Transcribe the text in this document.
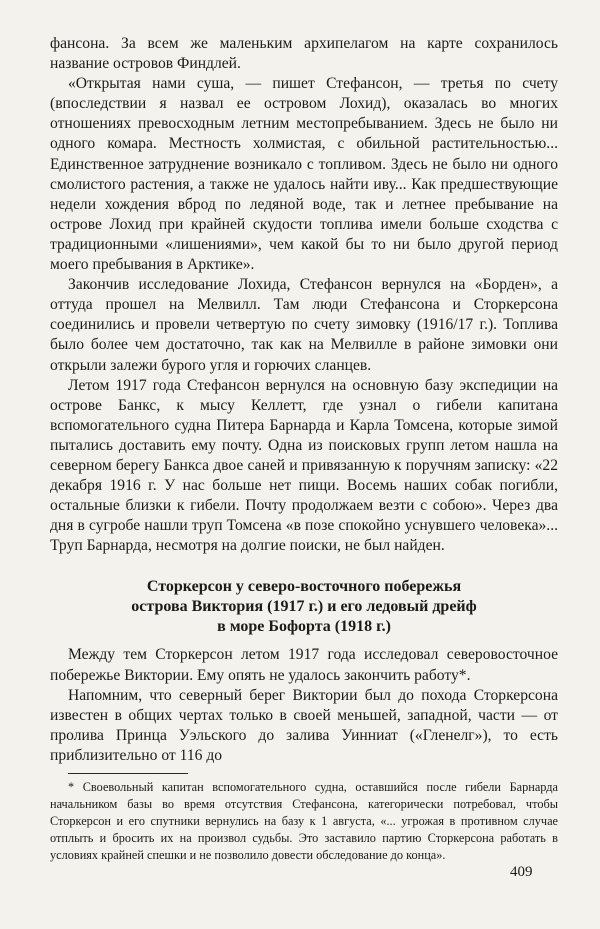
фансона. За всем же маленьким архипелагом на карте сохранилось название островов Финдлей.

«Открытая нами суша, — пишет Стефансон, — третья по счету (впоследствии я назвал ее островом Лохид), оказалась во многих отношениях превосходным летним местопребыванием. Здесь не было ни одного комара. Местность холмистая, с обильной растительностью... Единственное затруднение возникало с топливом. Здесь не было ни одного смолистого растения, а также не удалось найти иву... Как предшествующие недели хождения вброд по ледяной воде, так и летнее пребывание на острове Лохид при крайней скудости топлива имели больше сходства с традиционными «лишениями», чем какой бы то ни было другой период моего пребывания в Арктике».

Закончив исследование Лохида, Стефансон вернулся на «Борден», а оттуда прошел на Мелвилл. Там люди Стефансона и Сторкерсона соединились и провели четвертую по счету зимовку (1916/17 г.). Топлива было более чем достаточно, так как на Мелвилле в районе зимовки они открыли залежи бурого угля и горючих сланцев.

Летом 1917 года Стефансон вернулся на основную базу экспедиции на острове Банкс, к мысу Келлетт, где узнал о гибели капитана вспомогательного судна Питера Барнарда и Карла Томсена, которые зимой пытались доставить ему почту. Одна из поисковых групп летом нашла на северном берегу Банкса двое саней и привязанную к поручням записку: «22 декабря 1916 г. У нас больше нет пищи. Восемь наших собак погибли, остальные близки к гибели. Почту продолжаем везти с собою». Через два дня в сугробе нашли труп Томсена «в позе спокойно уснувшего человека»... Труп Барнарда, несмотря на долгие поиски, не был найден.

Сторкерсон у северо-восточного побережья
острова Виктория (1917 г.) и его ледовый дрейф
в море Бофорта (1918 г.)

Между тем Сторкерсон летом 1917 года исследовал северовосточное побережье Виктории. Ему опять не удалось закончить работу*.

Напомним, что северный берег Виктории был до похода Сторкерсона известен в общих чертах только в своей меньшей, западной, части — от пролива Принца Уэльского до залива Уинниат («Гленелг»), то есть приблизительно от 116 до

* Своевольный капитан вспомогательного судна, оставшийся после гибели Барнарда начальником базы во время отсутствия Стефансона, категорически потребовал, чтобы Сторкерсон и его спутники вернулись на базу к 1 августа, «... угрожая в противном случае отплыть и бросить их на произвол судьбы. Это заставило партию Сторкерсона работать в условиях крайней спешки и не позволило довести обследование до конца».

409
